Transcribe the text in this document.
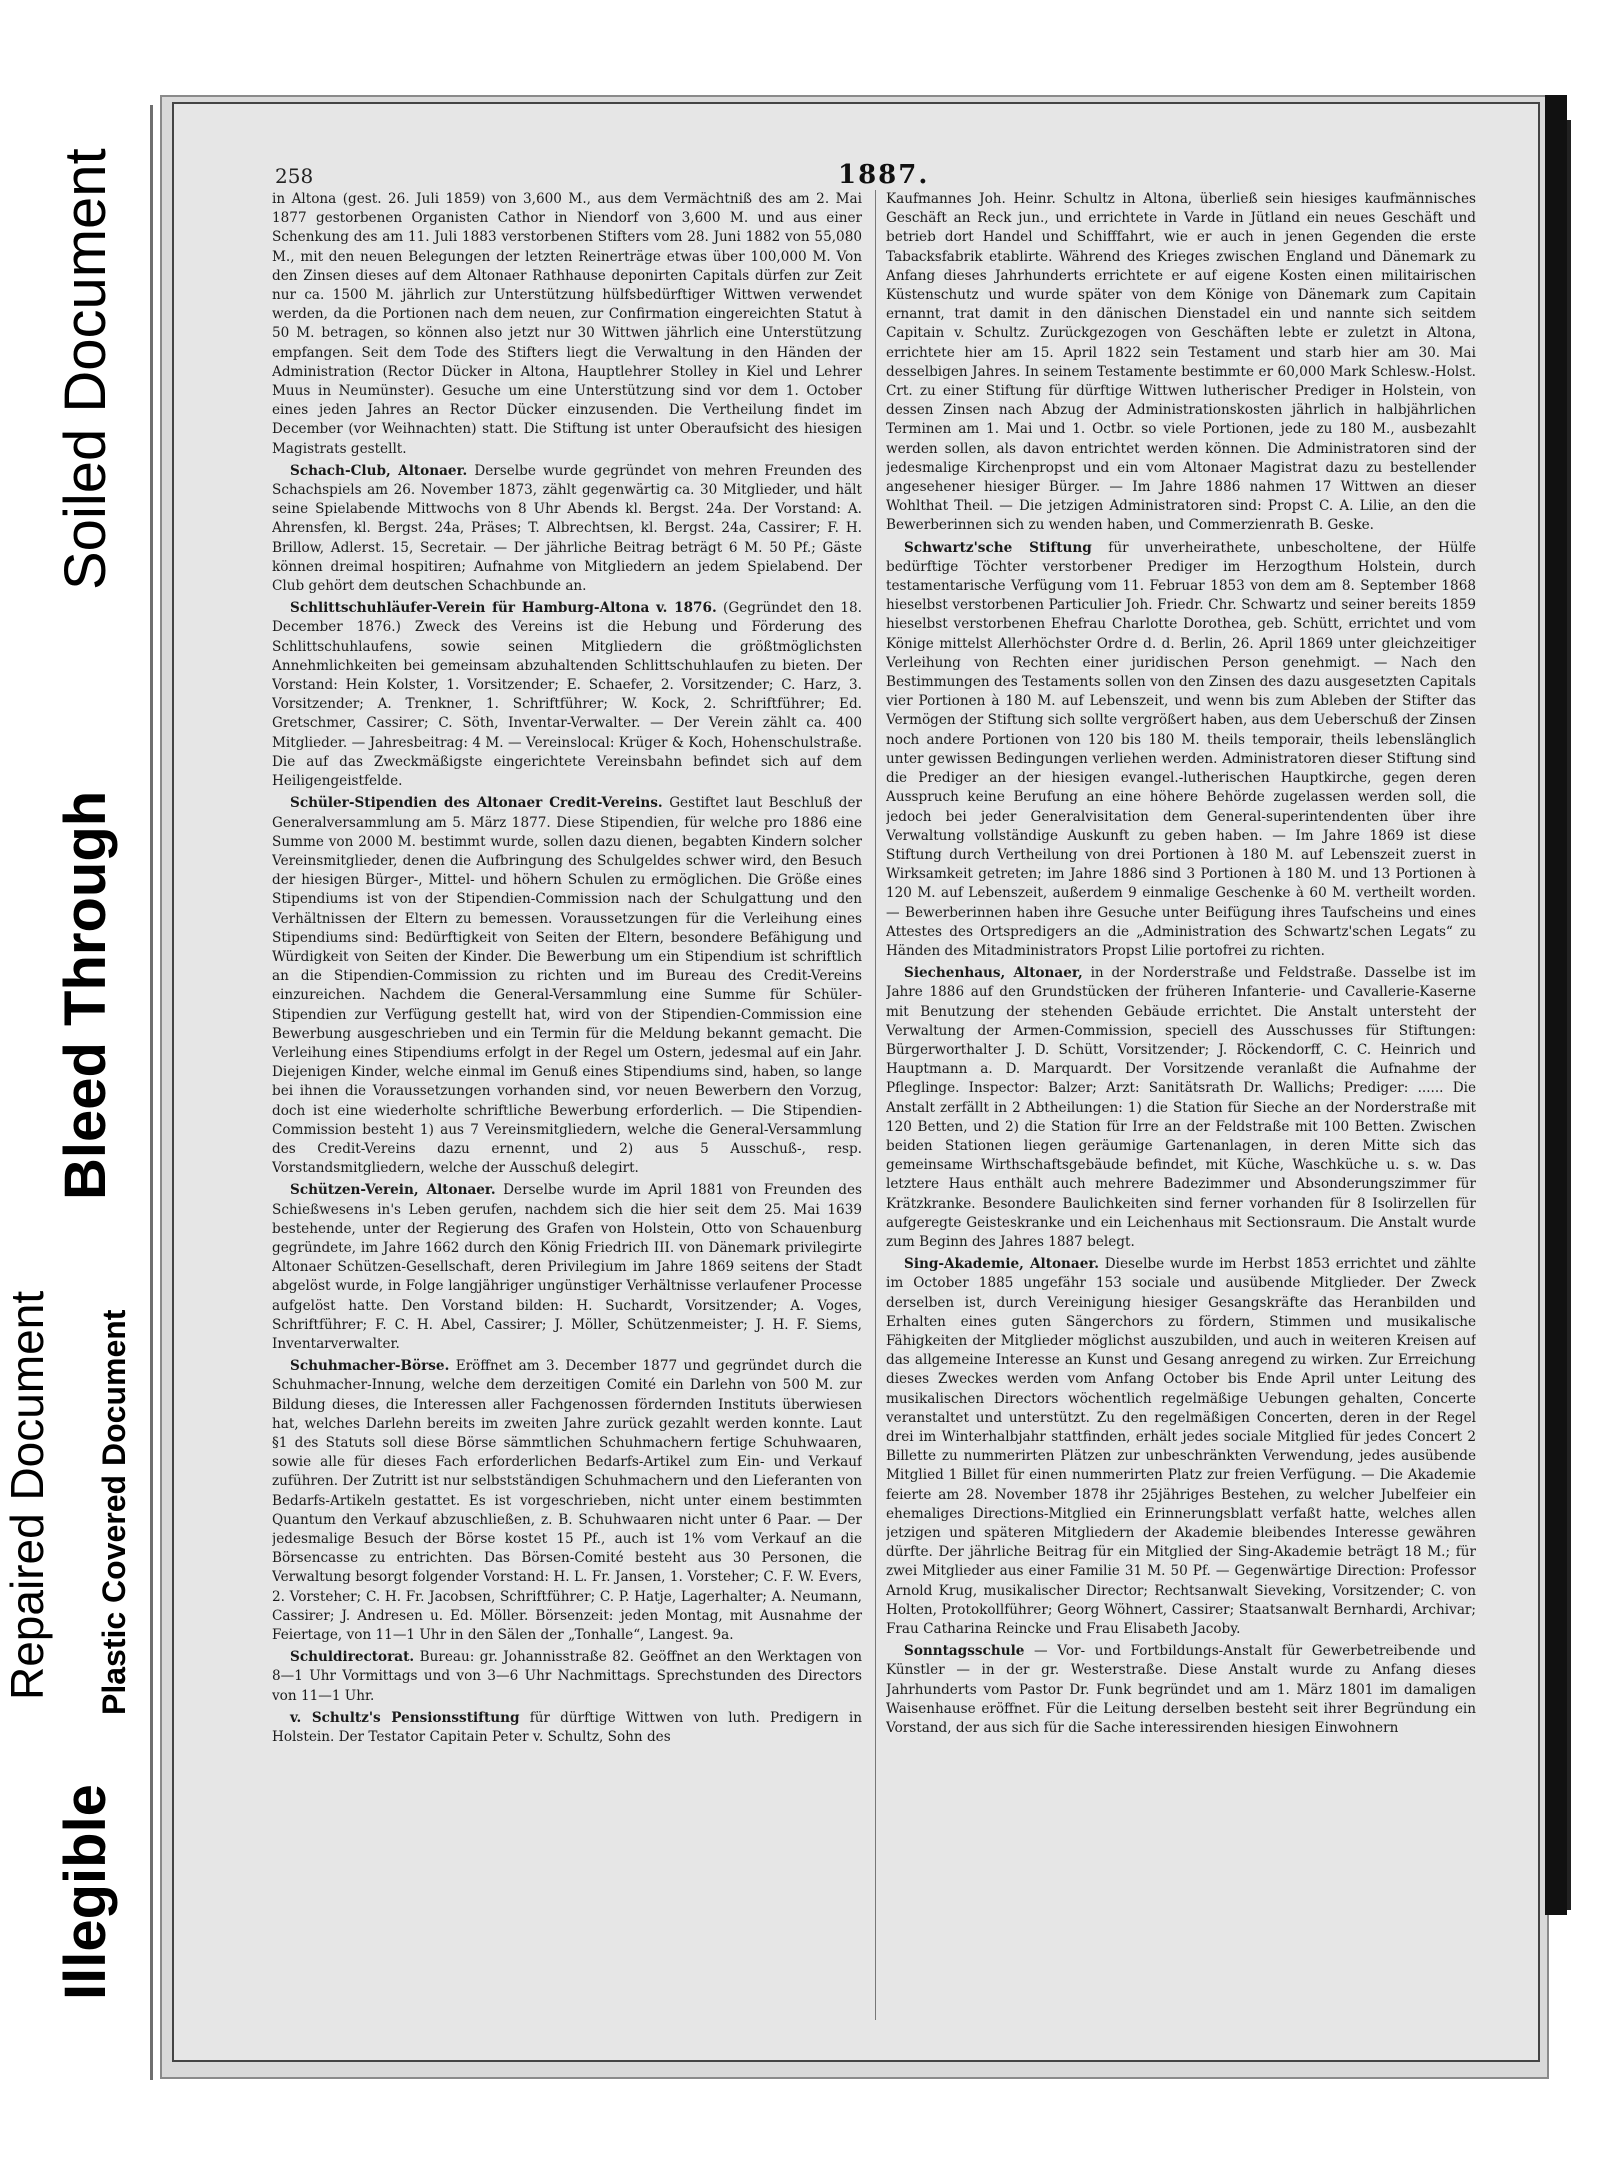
Illegible
Bleed Through
Soiled Document
Plastic Covered Document
Repaired Document
258	1887.

in Altona (gest. 26. Juli 1859) von 3,600 M., aus dem Vermächtniß des am 2. Mai 1877 gestorbenen Organisten Cathor in Niendorf von 3,600 M. und aus einer Schenkung des am 11. Juli 1883 verstorbenen Stifters vom 28. Juni 1882 von 55,080 M., mit den neuen Belegungen der letzten Reinerträge etwas über 100,000 M. Von den Zinsen dieses auf dem Altonaer Rathhause deponirten Capitals dürfen zur Zeit nur ca. 1500 M. jährlich zur Unterstützung hülfsbedürftiger Wittwen verwendet werden, da die Portionen nach dem neuen, zur Confirmation eingereichten Statut à 50 M. betragen, so können also jetzt nur 30 Wittwen jährlich eine Unterstützung empfangen. Seit dem Tode des Stifters liegt die Verwaltung in den Händen der Administration (Rector Dücker in Altona, Hauptlehrer Stolley in Kiel und Lehrer Muus in Neumünster). Gesuche um eine Unterstützung sind vor dem 1. October eines jeden Jahres an Rector Dücker einzusenden. Die Vertheilung findet im December (vor Weihnachten) statt. Die Stiftung ist unter Oberaufsicht des hiesigen Magistrats gestellt.

Schach-Club, Altonaer. Derselbe wurde gegründet von mehren Freunden des Schachspiels am 26. November 1873, zählt gegenwärtig ca. 30 Mitglieder, und hält seine Spielabende Mittwochs von 8 Uhr Abends kl. Bergst. 24a. Der Vorstand: A. Ahrensfen, kl. Bergst. 24a, Präses; T. Albrechtsen, kl. Bergst. 24a, Cassirer; F. H. Brillow, Adlerst. 15, Secretair. — Der jährliche Beitrag beträgt 6 M. 50 Pf.; Gäste können dreimal hospitiren; Aufnahme von Mitgliedern an jedem Spielabend. Der Club gehört dem deutschen Schachbunde an.

Schlittschuhläufer-Verein für Hamburg-Altona v. 1876. (Gegründet den 18. December 1876.) Zweck des Vereins ist die Hebung und Förderung des Schlittschuhlaufens, sowie seinen Mitgliedern die größtmöglichsten Annehmlichkeiten bei gemeinsam abzuhaltenden Schlittschuhlaufen zu bieten. Der Vorstand: Hein Kolster, 1. Vorsitzender; E. Schaefer, 2. Vorsitzender; C. Harz, 3. Vorsitzender; A. Trenkner, 1. Schriftführer; W. Kock, 2. Schriftführer; Ed. Gretschmer, Cassirer; C. Söth, Inventar-Verwalter. — Der Verein zählt ca. 400 Mitglieder. — Jahresbeitrag: 4 M. — Vereinslocal: Krüger & Koch, Hohenschulstraße. Die auf das Zweckmäßigste eingerichtete Vereinsbahn befindet sich auf dem Heiligengeistfelde.

Schüler-Stipendien des Altonaer Credit-Vereins. Gestiftet laut Beschluß der Generalversammlung am 5. März 1877. Diese Stipendien, für welche pro 1886 eine Summe von 2000 M. bestimmt wurde, sollen dazu dienen, begabten Kindern solcher Vereinsmitglieder, denen die Aufbringung des Schulgeldes schwer wird, den Besuch der hiesigen Bürger-, Mittel- und höhern Schulen zu ermöglichen. Die Größe eines Stipendiums ist von der Stipendien-Commission nach der Schulgattung und den Verhältnissen der Eltern zu bemessen. Voraussetzungen für die Verleihung eines Stipendiums sind: Bedürftigkeit von Seiten der Eltern, besondere Befähigung und Würdigkeit von Seiten der Kinder. Die Bewerbung um ein Stipendium ist schriftlich an die Stipendien-Commission zu richten und im Bureau des Credit-Vereins einzureichen. Nachdem die General-Versammlung eine Summe für Schüler-Stipendien zur Verfügung gestellt hat, wird von der Stipendien-Commission eine Bewerbung ausgeschrieben und ein Termin für die Meldung bekannt gemacht. Die Verleihung eines Stipendiums erfolgt in der Regel um Ostern, jedesmal auf ein Jahr. Diejenigen Kinder, welche einmal im Genuß eines Stipendiums sind, haben, so lange bei ihnen die Voraussetzungen vorhanden sind, vor neuen Bewerbern den Vorzug, doch ist eine wiederholte schriftliche Bewerbung erforderlich. — Die Stipendien-Commission besteht 1) aus 7 Vereinsmitgliedern, welche die General-Versammlung des Credit-Vereins dazu ernennt, und 2) aus 5 Ausschuß-, resp. Vorstandsmitgliedern, welche der Ausschuß delegirt.

Schützen-Verein, Altonaer. Derselbe wurde im April 1881 von Freunden des Schießwesens in's Leben gerufen, nachdem sich die hier seit dem 25. Mai 1639 bestehende, unter der Regierung des Grafen von Holstein, Otto von Schauenburg gegründete, im Jahre 1662 durch den König Friedrich III. von Dänemark privilegirte Altonaer Schützen-Gesellschaft, deren Privilegium im Jahre 1869 seitens der Stadt abgelöst wurde, in Folge langjähriger ungünstiger Verhältnisse verlaufener Processe aufgelöst hatte. Den Vorstand bilden: H. Suchardt, Vorsitzender; A. Voges, Schriftführer; F. C. H. Abel, Cassirer; J. Möller, Schützenmeister; J. H. F. Siems, Inventarverwalter.

Schuhmacher-Börse. Eröffnet am 3. December 1877 und gegründet durch die Schuhmacher-Innung, welche dem derzeitigen Comité ein Darlehn von 500 M. zur Bildung dieses, die Interessen aller Fachgenossen fördernden Instituts überwiesen hat, welches Darlehn bereits im zweiten Jahre zurück gezahlt werden konnte. Laut §1 des Statuts soll diese Börse sämmtlichen Schuhmachern fertige Schuhwaaren, sowie alle für dieses Fach erforderlichen Bedarfs-Artikel zum Ein- und Verkauf zuführen. Der Zutritt ist nur selbstständigen Schuhmachern und den Lieferanten von Bedarfs-Artikeln gestattet. Es ist vorgeschrieben, nicht unter einem bestimmten Quantum den Verkauf abzuschließen, z. B. Schuhwaaren nicht unter 6 Paar. — Der jedesmalige Besuch der Börse kostet 15 Pf., auch ist 1% vom Verkauf an die Börsencasse zu entrichten. Das Börsen-Comité besteht aus 30 Personen, die Verwaltung besorgt folgender Vorstand: H. L. Fr. Jansen, 1. Vorsteher; C. F. W. Evers, 2. Vorsteher; C. H. Fr. Jacobsen, Schriftführer; C. P. Hatje, Lagerhalter; A. Neumann, Cassirer; J. Andresen u. Ed. Möller. Börsenzeit: jeden Montag, mit Ausnahme der Feiertage, von 11—1 Uhr in den Sälen der „Tonhalle“, Langest. 9a.

Schuldirectorat. Bureau: gr. Johannisstraße 82. Geöffnet an den Werktagen von 8—1 Uhr Vormittags und von 3—6 Uhr Nachmittags. Sprechstunden des Directors von 11—1 Uhr.

v. Schultz's Pensionsstiftung für dürftige Wittwen von luth. Predigern in Holstein. Der Testator Capitain Peter v. Schultz, Sohn des

Kaufmannes Joh. Heinr. Schultz in Altona, überließ sein hiesiges kaufmännisches Geschäft an Reck jun., und errichtete in Varde in Jütland ein neues Geschäft und betrieb dort Handel und Schifffahrt, wie er auch in jenen Gegenden die erste Tabacksfabrik etablirte. Während des Krieges zwischen England und Dänemark zu Anfang dieses Jahrhunderts errichtete er auf eigene Kosten einen militairischen Küstenschutz und wurde später von dem Könige von Dänemark zum Capitain ernannt, trat damit in den dänischen Dienstadel ein und nannte sich seitdem Capitain v. Schultz. Zurückgezogen von Geschäften lebte er zuletzt in Altona, errichtete hier am 15. April 1822 sein Testament und starb hier am 30. Mai desselbigen Jahres. In seinem Testamente bestimmte er 60,000 Mark Schlesw.-Holst. Crt. zu einer Stiftung für dürftige Wittwen lutherischer Prediger in Holstein, von dessen Zinsen nach Abzug der Administrationskosten jährlich in halbjährlichen Terminen am 1. Mai und 1. Octbr. so viele Portionen, jede zu 180 M., ausbezahlt werden sollen, als davon entrichtet werden können. Die Administratoren sind der jedesmalige Kirchenpropst und ein vom Altonaer Magistrat dazu zu bestellender angesehener hiesiger Bürger. — Im Jahre 1886 nahmen 17 Wittwen an dieser Wohlthat Theil. — Die jetzigen Administratoren sind: Propst C. A. Lilie, an den die Bewerberinnen sich zu wenden haben, und Commerzienrath B. Geske.

Schwartz'sche Stiftung für unverheirathete, unbescholtene, der Hülfe bedürftige Töchter verstorbener Prediger im Herzogthum Holstein, durch testamentarische Verfügung vom 11. Februar 1853 von dem am 8. September 1868 hieselbst verstorbenen Particulier Joh. Friedr. Chr. Schwartz und seiner bereits 1859 hieselbst verstorbenen Ehefrau Charlotte Dorothea, geb. Schütt, errichtet und vom Könige mittelst Allerhöchster Ordre d. d. Berlin, 26. April 1869 unter gleichzeitiger Verleihung von Rechten einer juridischen Person genehmigt. — Nach den Bestimmungen des Testaments sollen von den Zinsen des dazu ausgesetzten Capitals vier Portionen à 180 M. auf Lebenszeit, und wenn bis zum Ableben der Stifter das Vermögen der Stiftung sich sollte vergrößert haben, aus dem Ueberschuß der Zinsen noch andere Portionen von 120 bis 180 M. theils temporair, theils lebenslänglich unter gewissen Bedingungen verliehen werden. Administratoren dieser Stiftung sind die Prediger an der hiesigen evangel.-lutherischen Hauptkirche, gegen deren Ausspruch keine Berufung an eine höhere Behörde zugelassen werden soll, die jedoch bei jeder Generalvisitation dem General-superintendenten über ihre Verwaltung vollständige Auskunft zu geben haben. — Im Jahre 1869 ist diese Stiftung durch Vertheilung von drei Portionen à 180 M. auf Lebenszeit zuerst in Wirksamkeit getreten; im Jahre 1886 sind 3 Portionen à 180 M. und 13 Portionen à 120 M. auf Lebenszeit, außerdem 9 einmalige Geschenke à 60 M. vertheilt worden. — Bewerberinnen haben ihre Gesuche unter Beifügung ihres Taufscheins und eines Attestes des Ortspredigers an die „Administration des Schwartz'schen Legats“ zu Händen des Mitadministrators Propst Lilie portofrei zu richten.

Siechenhaus, Altonaer, in der Norderstraße und Feldstraße. Dasselbe ist im Jahre 1886 auf den Grundstücken der früheren Infanterie- und Cavallerie-Kaserne mit Benutzung der stehenden Gebäude errichtet. Die Anstalt untersteht der Verwaltung der Armen-Commission, speciell des Ausschusses für Stiftungen: Bürgerworthalter J. D. Schütt, Vorsitzender; J. Röckendorff, C. C. Heinrich und Hauptmann a. D. Marquardt. Der Vorsitzende veranlaßt die Aufnahme der Pfleglinge. Inspector: Balzer; Arzt: Sanitätsrath Dr. Wallichs; Prediger: ...... Die Anstalt zerfällt in 2 Abtheilungen: 1) die Station für Sieche an der Norderstraße mit 120 Betten, und 2) die Station für Irre an der Feldstraße mit 100 Betten. Zwischen beiden Stationen liegen geräumige Gartenanlagen, in deren Mitte sich das gemeinsame Wirthschaftsgebäude befindet, mit Küche, Waschküche u. s. w. Das letztere Haus enthält auch mehrere Badezimmer und Absonderungszimmer für Krätzkranke. Besondere Baulichkeiten sind ferner vorhanden für 8 Isolirzellen für aufgeregte Geisteskranke und ein Leichenhaus mit Sectionsraum. Die Anstalt wurde zum Beginn des Jahres 1887 belegt.

Sing-Akademie, Altonaer. Dieselbe wurde im Herbst 1853 errichtet und zählte im October 1885 ungefähr 153 sociale und ausübende Mitglieder. Der Zweck derselben ist, durch Vereinigung hiesiger Gesangskräfte das Heranbilden und Erhalten eines guten Sängerchors zu fördern, Stimmen und musikalische Fähigkeiten der Mitglieder möglichst auszubilden, und auch in weiteren Kreisen auf das allgemeine Interesse an Kunst und Gesang anregend zu wirken. Zur Erreichung dieses Zweckes werden vom Anfang October bis Ende April unter Leitung des musikalischen Directors wöchentlich regelmäßige Uebungen gehalten, Concerte veranstaltet und unterstützt. Zu den regelmäßigen Concerten, deren in der Regel drei im Winterhalbjahr stattfinden, erhält jedes sociale Mitglied für jedes Concert 2 Billette zu nummerirten Plätzen zur unbeschränkten Verwendung, jedes ausübende Mitglied 1 Billet für einen nummerirten Platz zur freien Verfügung. — Die Akademie feierte am 28. November 1878 ihr 25jähriges Bestehen, zu welcher Jubelfeier ein ehemaliges Directions-Mitglied ein Erinnerungsblatt verfaßt hatte, welches allen jetzigen und späteren Mitgliedern der Akademie bleibendes Interesse gewähren dürfte. Der jährliche Beitrag für ein Mitglied der Sing-Akademie beträgt 18 M.; für zwei Mitglieder aus einer Familie 31 M. 50 Pf. — Gegenwärtige Direction: Professor Arnold Krug, musikalischer Director; Rechtsanwalt Sieveking, Vorsitzender; C. von Holten, Protokollführer; Georg Wöhnert, Cassirer; Staatsanwalt Bernhardi, Archivar; Frau Catharina Reincke und Frau Elisabeth Jacoby.

Sonntagsschule — Vor- und Fortbildungs-Anstalt für Gewerbetreibende und Künstler — in der gr. Westerstraße. Diese Anstalt wurde zu Anfang dieses Jahrhunderts vom Pastor Dr. Funk begründet und am 1. März 1801 im damaligen Waisenhause eröffnet. Für die Leitung derselben besteht seit ihrer Begründung ein Vorstand, der aus sich für die Sache interessirenden hiesigen Einwohnern
